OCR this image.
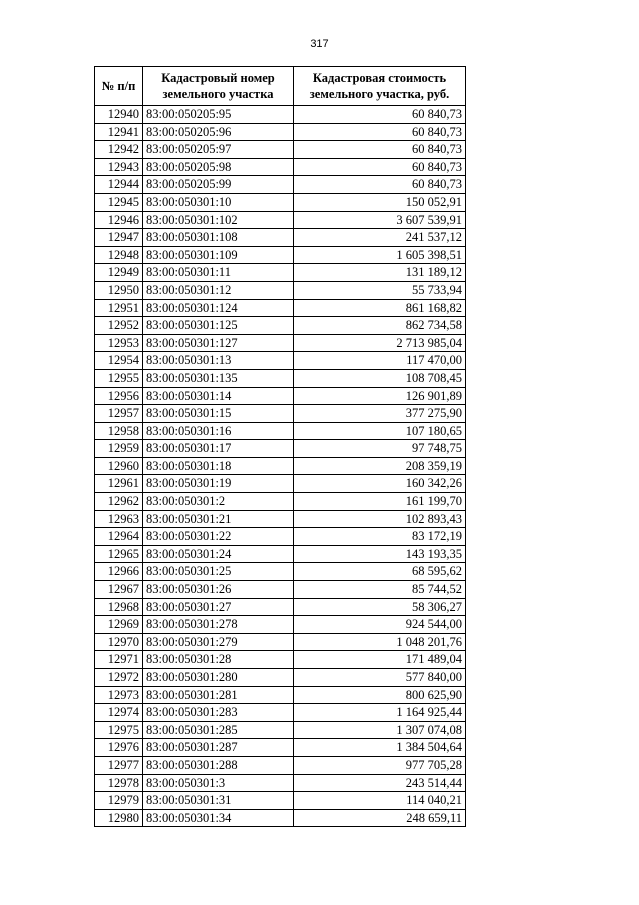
317
№ п/п	Кадастровый номер земельного участка	Кадастровая стоимость земельного участка, руб.
12940	83:00:050205:95	60 840,73
12941	83:00:050205:96	60 840,73
12942	83:00:050205:97	60 840,73
12943	83:00:050205:98	60 840,73
12944	83:00:050205:99	60 840,73
12945	83:00:050301:10	150 052,91
12946	83:00:050301:102	3 607 539,91
12947	83:00:050301:108	241 537,12
12948	83:00:050301:109	1 605 398,51
12949	83:00:050301:11	131 189,12
12950	83:00:050301:12	55 733,94
12951	83:00:050301:124	861 168,82
12952	83:00:050301:125	862 734,58
12953	83:00:050301:127	2 713 985,04
12954	83:00:050301:13	117 470,00
12955	83:00:050301:135	108 708,45
12956	83:00:050301:14	126 901,89
12957	83:00:050301:15	377 275,90
12958	83:00:050301:16	107 180,65
12959	83:00:050301:17	97 748,75
12960	83:00:050301:18	208 359,19
12961	83:00:050301:19	160 342,26
12962	83:00:050301:2	161 199,70
12963	83:00:050301:21	102 893,43
12964	83:00:050301:22	83 172,19
12965	83:00:050301:24	143 193,35
12966	83:00:050301:25	68 595,62
12967	83:00:050301:26	85 744,52
12968	83:00:050301:27	58 306,27
12969	83:00:050301:278	924 544,00
12970	83:00:050301:279	1 048 201,76
12971	83:00:050301:28	171 489,04
12972	83:00:050301:280	577 840,00
12973	83:00:050301:281	800 625,90
12974	83:00:050301:283	1 164 925,44
12975	83:00:050301:285	1 307 074,08
12976	83:00:050301:287	1 384 504,64
12977	83:00:050301:288	977 705,28
12978	83:00:050301:3	243 514,44
12979	83:00:050301:31	114 040,21
12980	83:00:050301:34	248 659,11
